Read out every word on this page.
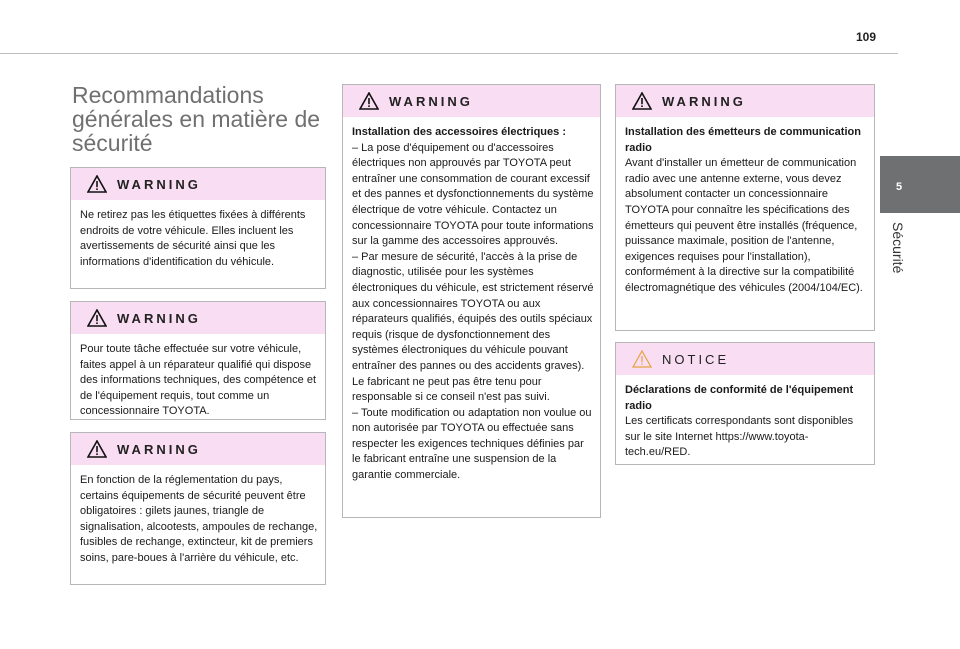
109
5
Sécurité
Recommandations générales en matière de sécurité
WARNING

Ne retirez pas les étiquettes fixées à différents endroits de votre véhicule. Elles incluent les avertissements de sécurité ainsi que les informations d'identification du véhicule.

WARNING

Pour toute tâche effectuée sur votre véhicule, faites appel à un réparateur qualifié qui dispose des informations techniques, des compétence et de l'équipement requis, tout comme un concessionnaire TOYOTA.

WARNING

En fonction de la réglementation du pays, certains équipements de sécurité peuvent être obligatoires : gilets jaunes, triangle de signalisation, alcootests, ampoules de rechange, fusibles de rechange, extincteur, kit de premiers soins, pare-boues à l'arrière du véhicule, etc.

WARNING

Installation des accessoires électriques :

– La pose d'équipement ou d'accessoires électriques non approuvés par TOYOTA peut entraîner une consommation de courant excessif et des pannes et dysfonctionnements du système électrique de votre véhicule. Contactez un concessionnaire TOYOTA pour toute informations sur la gamme des accessoires approuvés.

– Par mesure de sécurité, l'accès à la prise de diagnostic, utilisée pour les systèmes électroniques du véhicule, est strictement réservé aux concessionnaires TOYOTA ou aux réparateurs qualifiés, équipés des outils spéciaux requis (risque de dysfonctionnement des systèmes électroniques du véhicule pouvant entraîner des pannes ou des accidents graves). Le fabricant ne peut pas être tenu pour responsable si ce conseil n'est pas suivi.

– Toute modification ou adaptation non voulue ou non autorisée par TOYOTA ou effectuée sans respecter les exigences techniques définies par le fabricant entraîne une suspension de la garantie commerciale.

WARNING

Installation des émetteurs de communication radio

Avant d'installer un émetteur de communication radio avec une antenne externe, vous devez absolument contacter un concessionnaire TOYOTA pour connaître les spécifications des émetteurs qui peuvent être installés (fréquence, puissance maximale, position de l'antenne, exigences requises pour l'installation), conformément à la directive sur la compatibilité électromagnétique des véhicules (2004/104/EC).

NOTICE

Déclarations de conformité de l'équipement radio

Les certificats correspondants sont disponibles sur le site Internet https://www.toyota-tech.eu/RED.
